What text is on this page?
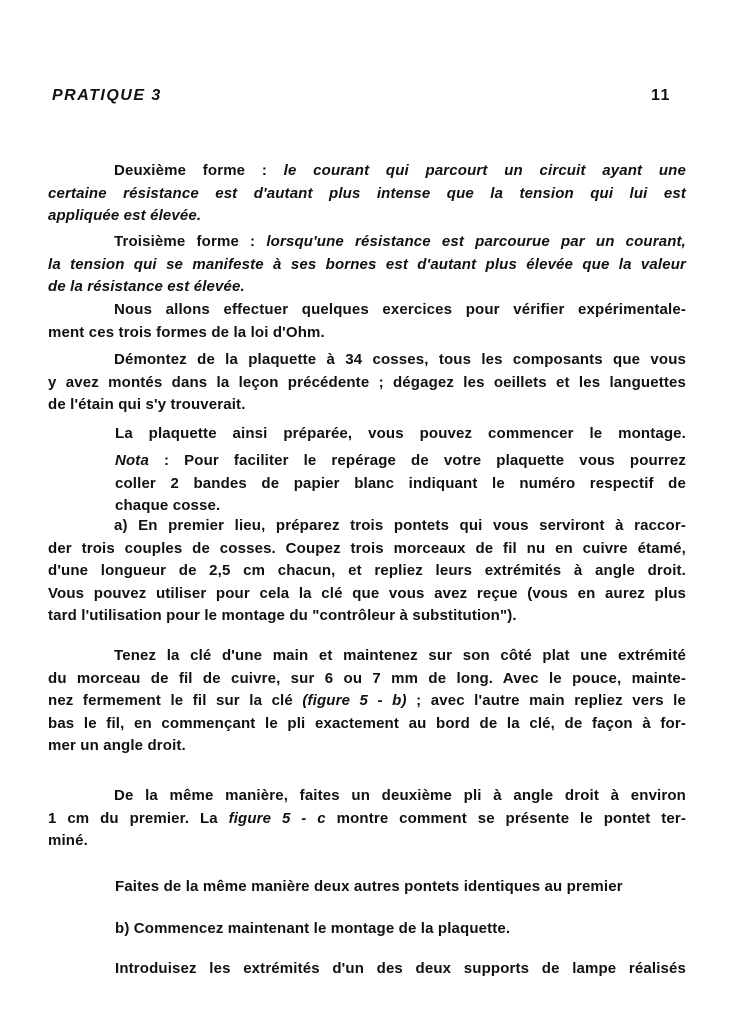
PRATIQUE 3	11
Deuxième forme : le courant qui parcourt un circuit ayant une
certaine résistance est d'autant plus intense que la tension qui lui est
appliquée est élevée.
Troisième forme : lorsqu'une résistance est parcourue par un courant,
la tension qui se manifeste à ses bornes est d'autant plus élevée que la valeur
de la résistance est élevée.
Nous allons effectuer quelques exercices pour vérifier expérimentale-
ment ces trois formes de la loi d'Ohm.
Démontez de la plaquette à 34 cosses, tous les composants que vous
y avez montés dans la leçon précédente ; dégagez les oeillets et les languettes
de l'étain qui s'y trouverait.
La plaquette ainsi préparée, vous pouvez commencer le montage.
Nota : Pour faciliter le repérage de votre plaquette vous pourrez
coller 2 bandes de papier blanc indiquant le numéro respectif de
chaque cosse.
a) En premier lieu, préparez trois pontets qui vous serviront à raccor-
der trois couples de cosses. Coupez trois morceaux de fil nu en cuivre étamé,
d'une longueur de 2,5 cm chacun, et repliez leurs extrémités à angle droit.
Vous pouvez utiliser pour cela la clé que vous avez reçue (vous en aurez plus
tard l'utilisation pour le montage du "contrôleur à substitution").
Tenez la clé d'une main et maintenez sur son côté plat une extrémité
du morceau de fil de cuivre, sur 6 ou 7 mm de long. Avec le pouce, mainte-
nez fermement le fil sur la clé (figure 5 - b) ; avec l'autre main repliez vers le
bas le fil, en commençant le pli exactement au bord de la clé, de façon à for-
mer un angle droit.
De la même manière, faites un deuxième pli à angle droit à environ
1 cm du premier. La figure 5 - c montre comment se présente le pontet ter-
miné.
Faites de la même manière deux autres pontets identiques au premier
b) Commencez maintenant le montage de la plaquette.
Introduisez les extrémités d'un des deux supports de lampe réalisés
